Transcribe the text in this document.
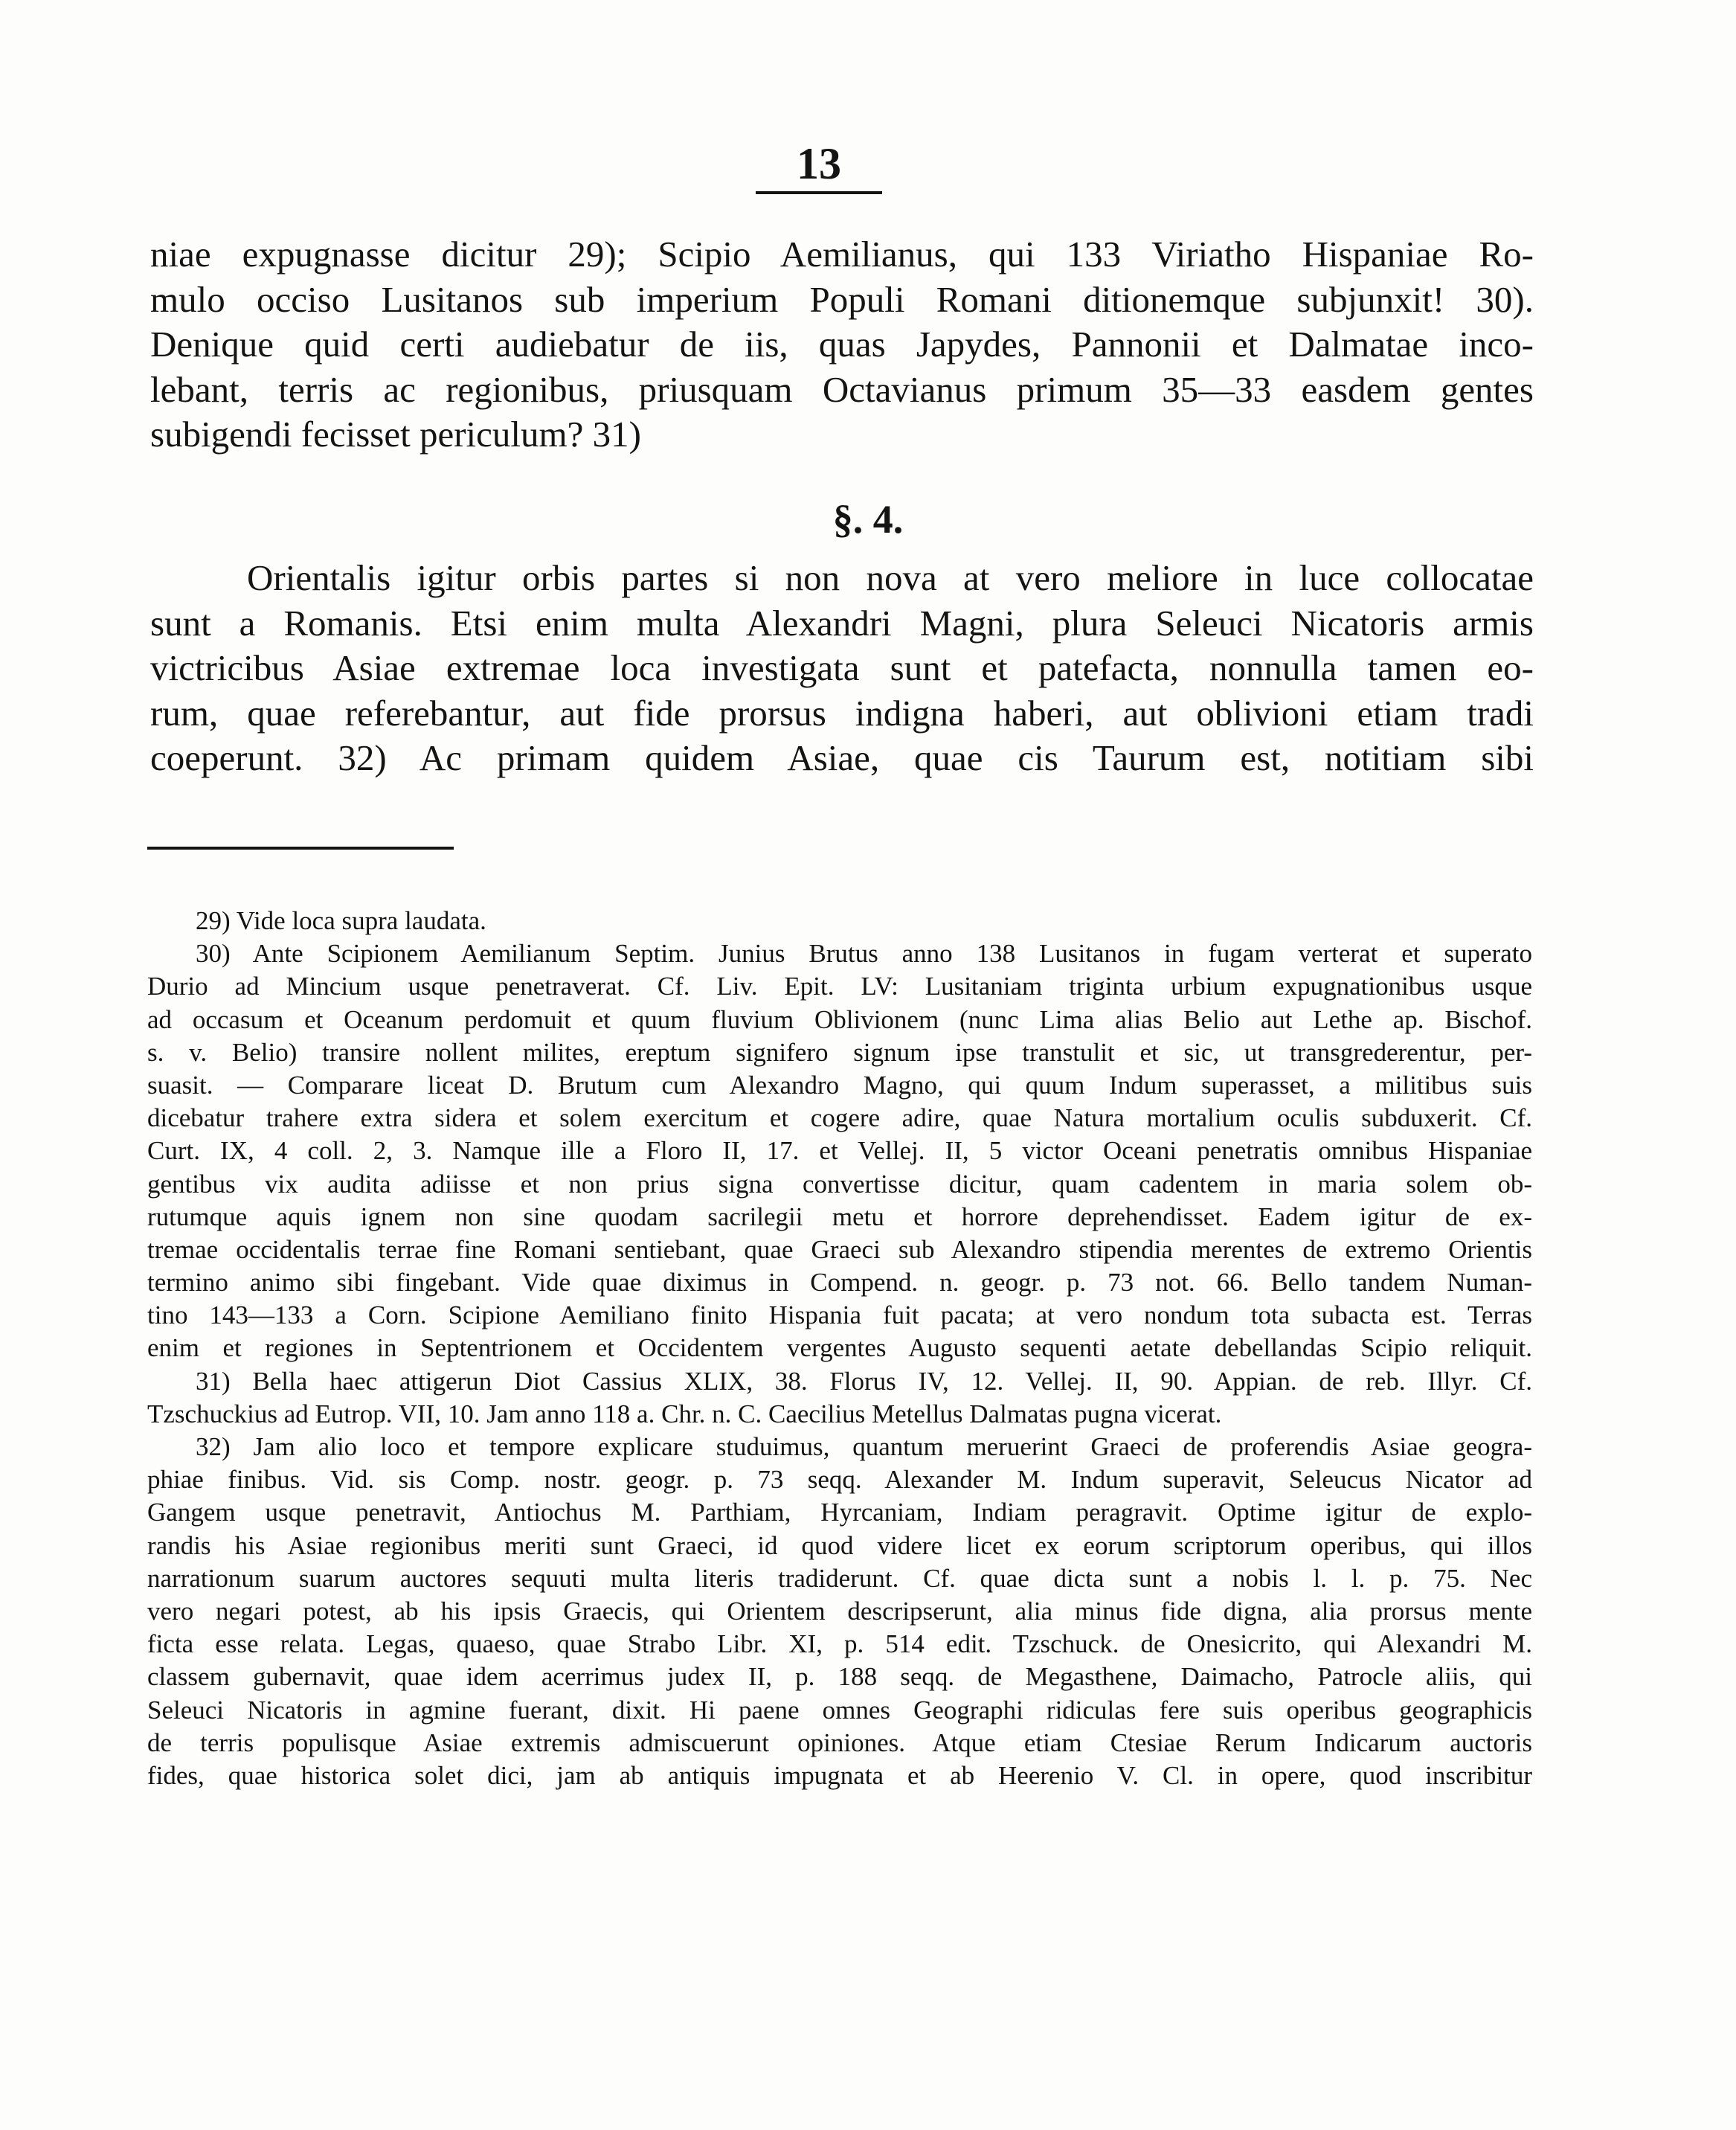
13
niae expugnasse dicitur 29); Scipio Aemilianus, qui 133 Viriatho Hispaniae Ro-
mulo occiso Lusitanos sub imperium Populi Romani ditionemque subjunxit! 30).
Denique quid certi audiebatur de iis, quas Japydes, Pannonii et Dalmatae inco-
lebant, terris ac regionibus, priusquam Octavianus primum 35—33 easdem gentes
subigendi fecisset periculum? 31)
§. 4.
Orientalis igitur orbis partes si non nova at vero meliore in luce collocatae
sunt a Romanis. Etsi enim multa Alexandri Magni, plura Seleuci Nicatoris armis
victricibus Asiae extremae loca investigata sunt et patefacta, nonnulla tamen eo-
rum, quae referebantur, aut fide prorsus indigna haberi, aut oblivioni etiam tradi
coeperunt. 32) Ac primam quidem Asiae, quae cis Taurum est, notitiam sibi
29) Vide loca supra laudata.
30) Ante Scipionem Aemilianum Septim. Junius Brutus anno 138 Lusitanos in fugam verterat et superato
Durio ad Mincium usque penetraverat. Cf. Liv. Epit. LV: Lusitaniam triginta urbium expugnationibus usque
ad occasum et Oceanum perdomuit et quum fluvium Oblivionem (nunc Lima alias Belio aut Lethe ap. Bischof.
s. v. Belio) transire nollent milites, ereptum signifero signum ipse transtulit et sic, ut transgrederentur, per-
suasit. — Comparare liceat D. Brutum cum Alexandro Magno, qui quum Indum superasset, a militibus suis
dicebatur trahere extra sidera et solem exercitum et cogere adire, quae Natura mortalium oculis subduxerit. Cf.
Curt. IX, 4 coll. 2, 3. Namque ille a Floro II, 17. et Vellej. II, 5 victor Oceani penetratis omnibus Hispaniae
gentibus vix audita adiisse et non prius signa convertisse dicitur, quam cadentem in maria solem ob-
rutumque aquis ignem non sine quodam sacrilegii metu et horrore deprehendisset. Eadem igitur de ex-
tremae occidentalis terrae fine Romani sentiebant, quae Graeci sub Alexandro stipendia merentes de extremo Orientis
termino animo sibi fingebant. Vide quae diximus in Compend. n. geogr. p. 73 not. 66. Bello tandem Numan-
tino 143—133 a Corn. Scipione Aemiliano finito Hispania fuit pacata; at vero nondum tota subacta est. Terras
enim et regiones in Septentrionem et Occidentem vergentes Augusto sequenti aetate debellandas Scipio reliquit.
31) Bella haec attigerun Diot Cassius XLIX, 38. Florus IV, 12. Vellej. II, 90. Appian. de reb. Illyr. Cf.
Tzschuckius ad Eutrop. VII, 10. Jam anno 118 a. Chr. n. C. Caecilius Metellus Dalmatas pugna vicerat.
32) Jam alio loco et tempore explicare studuimus, quantum meruerint Graeci de proferendis Asiae geogra-
phiae finibus. Vid. sis Comp. nostr. geogr. p. 73 seqq. Alexander M. Indum superavit, Seleucus Nicator ad
Gangem usque penetravit, Antiochus M. Parthiam, Hyrcaniam, Indiam peragravit. Optime igitur de explo-
randis his Asiae regionibus meriti sunt Graeci, id quod videre licet ex eorum scriptorum operibus, qui illos
narrationum suarum auctores sequuti multa literis tradiderunt. Cf. quae dicta sunt a nobis l. l. p. 75. Nec
vero negari potest, ab his ipsis Graecis, qui Orientem descripserunt, alia minus fide digna, alia prorsus mente
ficta esse relata. Legas, quaeso, quae Strabo Libr. XI, p. 514 edit. Tzschuck. de Onesicrito, qui Alexandri M.
classem gubernavit, quae idem acerrimus judex II, p. 188 seqq. de Megasthene, Daimacho, Patrocle aliis, qui
Seleuci Nicatoris in agmine fuerant, dixit. Hi paene omnes Geographi ridiculas fere suis operibus geographicis
de terris populisque Asiae extremis admiscuerunt opiniones. Atque etiam Ctesiae Rerum Indicarum auctoris
fides, quae historica solet dici, jam ab antiquis impugnata et ab Heerenio V. Cl. in opere, quod inscribitur
